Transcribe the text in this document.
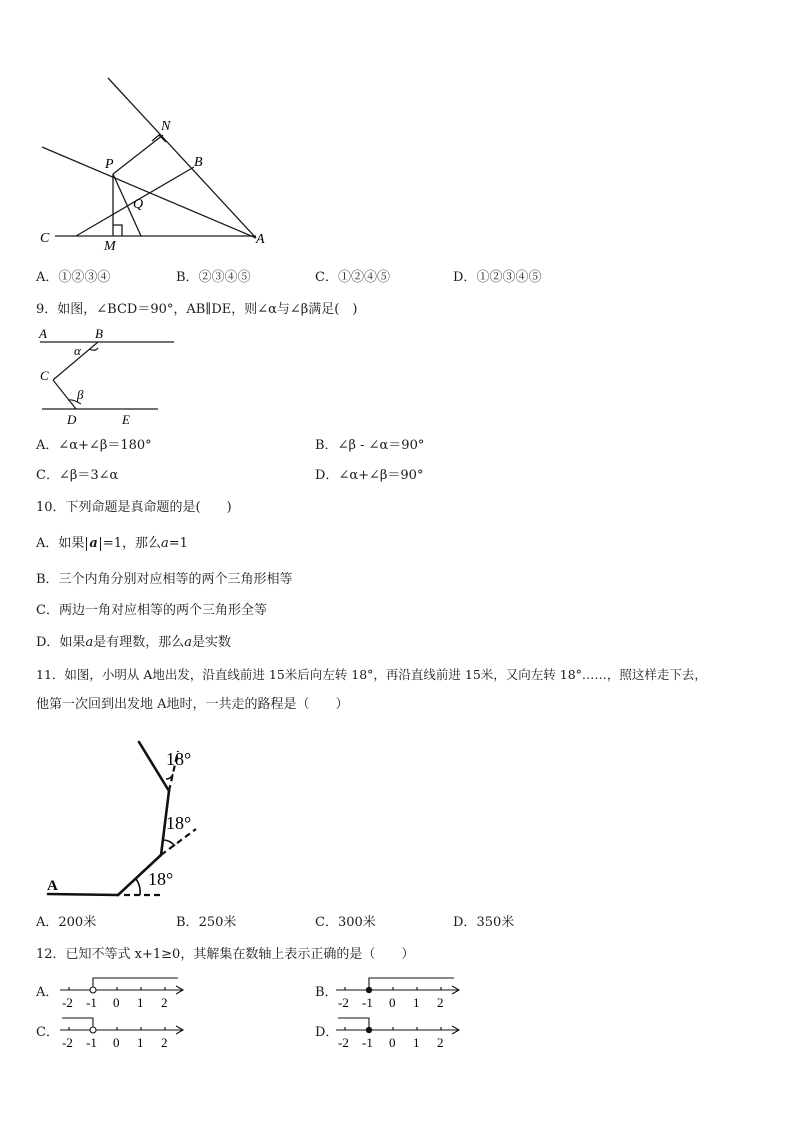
N
P	B
Q
C
M	A
A．①②③④	B．②③④⑤	C．①②④⑤	D．①②③④⑤
9．如图，∠BCD＝90°，AB∥DE，则∠α与∠β满足(　)
A	B
α
C
β
D	E
A．∠α+∠β＝180°	B．∠β - ∠α＝90°
C．∠β＝3∠α	D．∠α+∠β＝90°
10．下列命题是真命题的是(　　)
A．如果 a =1，那么a=1
B．三个内角分别对应相等的两个三角形相等
C．两边一角对应相等的两个三角形全等
D．如果a是有理数，那么a是实数
11．如图，小明从 A地出发，沿直线前进 15米后向左转 18°，再沿直线前进 15米，又向左转 18°……，照这样走下去，
他第一次回到出发地 A地时，一共走的路程是（　　）
18°
18°
18°
A
A．200米	B．250米	C．300米	D．350米
12．已知不等式 x+1≥0，其解集在数轴上表示正确的是（　　）
A．
-2 -1 0 1 2
B．
-2 -1 0 1 2
C．
-2 -1 0 1 2
D．
-2 -1 0 1 2
